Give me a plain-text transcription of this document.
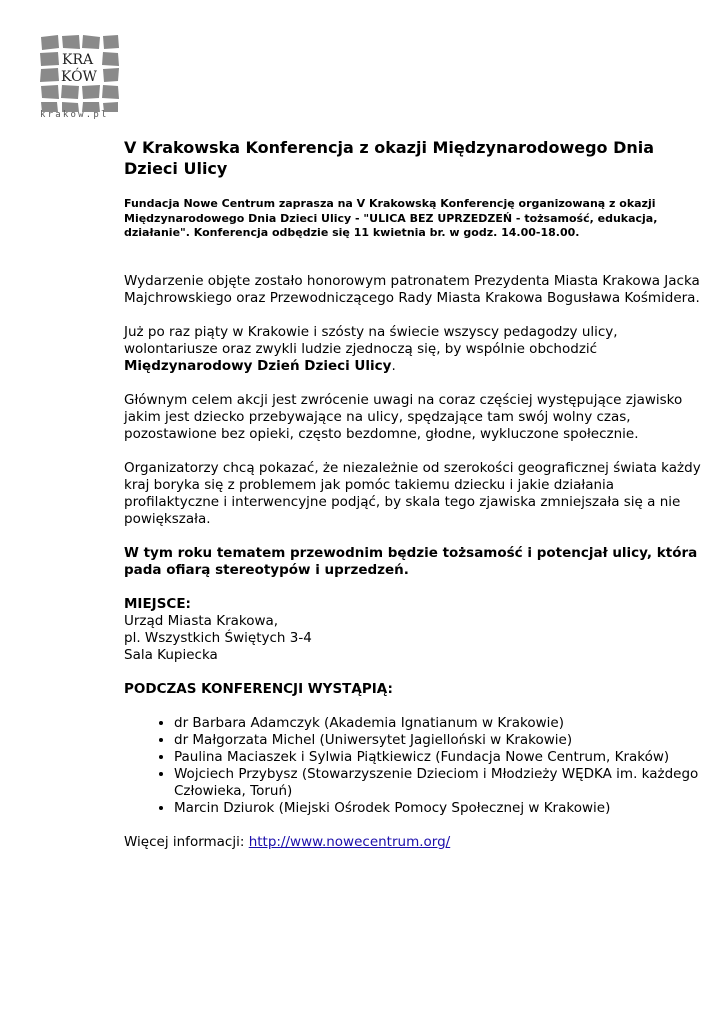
KRA
KÓW
krakow.pl
V Krakowska Konferencja z okazji Międzynarodowego Dnia Dzieci Ulicy
Fundacja Nowe Centrum zaprasza na V Krakowską Konferencję organizowaną z okazji Międzynarodowego Dnia Dzieci Ulicy - "ULICA BEZ UPRZEDZEŃ - tożsamość, edukacja, działanie". Konferencja odbędzie się 11 kwietnia br. w godz. 14.00-18.00.

Wydarzenie objęte zostało honorowym patronatem Prezydenta Miasta Krakowa Jacka Majchrowskiego oraz Przewodniczącego Rady Miasta Krakowa Bogusława Kośmidera.

Już po raz piąty w Krakowie i szósty na świecie wszyscy pedagodzy ulicy, wolontariusze oraz zwykli ludzie zjednoczą się, by wspólnie obchodzić Międzynarodowy Dzień Dzieci Ulicy.

Głównym celem akcji jest zwrócenie uwagi na coraz częściej występujące zjawisko jakim jest dziecko przebywające na ulicy, spędzające tam swój wolny czas, pozostawione bez opieki, często bezdomne, głodne, wykluczone społecznie.

Organizatorzy chcą pokazać, że niezależnie od szerokości geograficznej świata każdy kraj boryka się z problemem jak pomóc takiemu dziecku i jakie działania profilaktyczne i interwencyjne podjąć, by skala tego zjawiska zmniejszała się a nie powiększała.

W tym roku tematem przewodnim będzie tożsamość i potencjał ulicy, która pada ofiarą stereotypów i uprzedzeń.

MIEJSCE:

Urząd Miasta Krakowa,

pl. Wszystkich Świętych 3-4

Sala Kupiecka

PODCZAS KONFERENCJI WYSTĄPIĄ:

• dr Barbara Adamczyk (Akademia Ignatianum w Krakowie)
• dr Małgorzata Michel (Uniwersytet Jagielloński w Krakowie)
• Paulina Maciaszek i Sylwia Piątkiewicz (Fundacja Nowe Centrum, Kraków)
• Wojciech Przybysz (Stowarzyszenie Dzieciom i Młodzieży WĘDKA im. każdego Człowieka, Toruń)
• Marcin Dziurok (Miejski Ośrodek Pomocy Społecznej w Krakowie)

Więcej informacji: http://www.nowecentrum.org/
